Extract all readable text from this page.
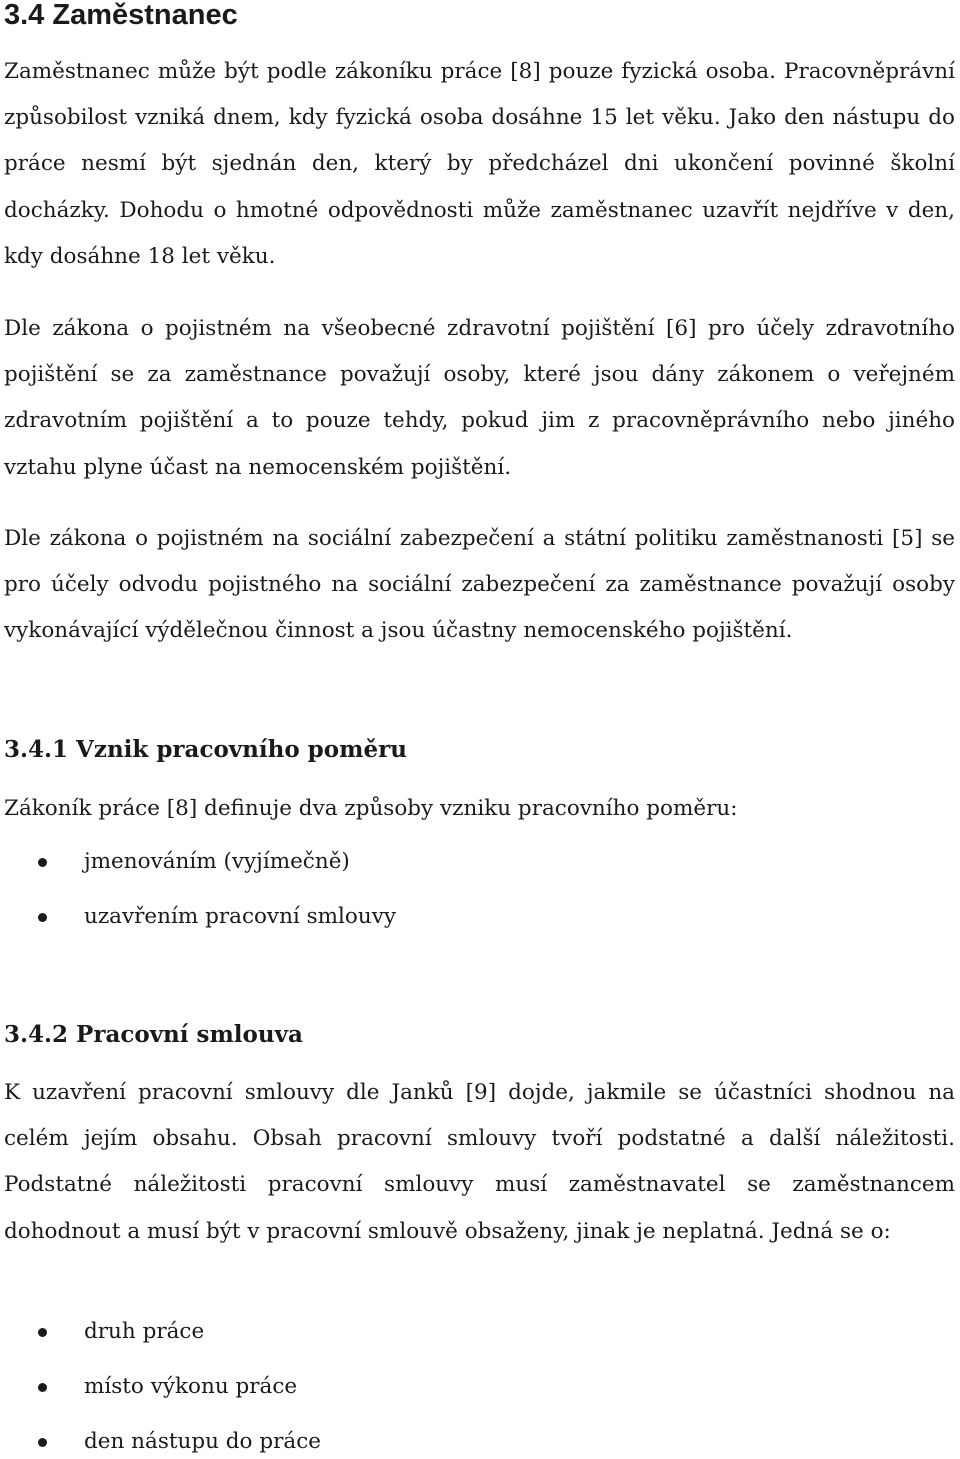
3.4 Zaměstnanec

Zaměstnanec může být podle zákoníku práce [8] pouze fyzická osoba. Pracovněprávní způsobilost vzniká dnem, kdy fyzická osoba dosáhne 15 let věku. Jako den nástupu do práce nesmí být sjednán den, který by předcházel dni ukončení povinné školní docházky. Dohodu o hmotné odpovědnosti může zaměstnanec uzavřít nejdříve v den, kdy dosáhne 18 let věku.

Dle zákona o pojistném na všeobecné zdravotní pojištění [6] pro účely zdravotního pojištění se za zaměstnance považují osoby, které jsou dány zákonem o veřejném zdravotním pojištění a to pouze tehdy, pokud jim z pracovněprávního nebo jiného vztahu plyne účast na nemocenském pojištění.

Dle zákona o pojistném na sociální zabezpečení a státní politiku zaměstnanosti [5] se pro účely odvodu pojistného na sociální zabezpečení za zaměstnance považují osoby vykonávající výdělečnou činnost a jsou účastny nemocenského pojištění.

3.4.1 Vznik pracovního poměru

Zákoník práce [8] definuje dva způsoby vzniku pracovního poměru:

jmenováním (vyjímečně)
uzavřením pracovní smlouvy
3.4.2 Pracovní smlouva

K uzavření pracovní smlouvy dle Janků [9] dojde, jakmile se účastníci shodnou na celém jejím obsahu. Obsah pracovní smlouvy tvoří podstatné a další náležitosti. Podstatné náležitosti pracovní smlouvy musí zaměstnavatel se zaměstnancem dohodnout a musí být v pracovní smlouvě obsaženy, jinak je neplatná. Jedná se o:

druh práce
místo výkonu práce
den nástupu do práce
